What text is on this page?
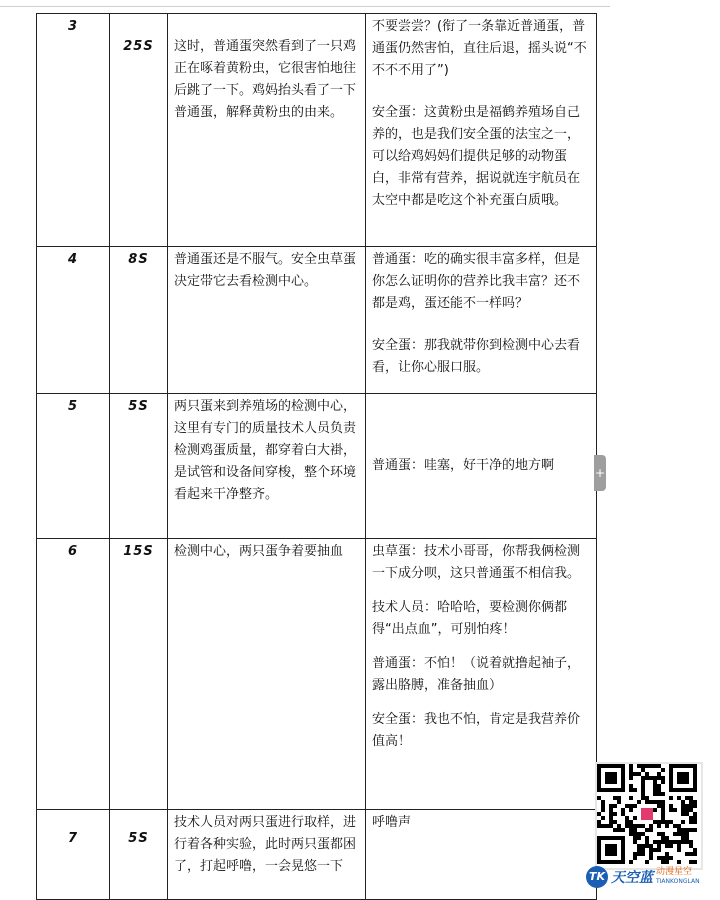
3	25S	这时，普通蛋突然看到了一只鸡正在啄着黄粉虫，它很害怕地往后跳了一下。鸡妈抬头看了一下普通蛋，解释黄粉虫的由来。	不要尝尝？(衔了一条靠近普通蛋，普通蛋仍然害怕，直往后退，摇头说“不不不不用了”)

安全蛋：这黄粉虫是福鹤养殖场自己养的，也是我们安全蛋的法宝之一，可以给鸡妈妈们提供足够的动物蛋白，非常有营养，据说就连宇航员在太空中都是吃这个补充蛋白质哦。

4	8S	普通蛋还是不服气。安全虫草蛋决定带它去看检测中心。	普通蛋：吃的确实很丰富多样，但是你怎么证明你的营养比我丰富？还不都是鸡，蛋还能不一样吗？

安全蛋：那我就带你到检测中心去看看，让你心服口服。

5	5S	两只蛋来到养殖场的检测中心，这里有专门的质量技术人员负责检测鸡蛋质量，都穿着白大褂，是试管和设备间穿梭，整个环境看起来干净整齐。	普通蛋：哇塞，好干净的地方啊

6	15S	检测中心，两只蛋争着要抽血	虫草蛋：技术小哥哥，你帮我俩检测一下成分呗，这只普通蛋不相信我。

技术人员：哈哈哈，要检测你俩都得“出点血”，可别怕疼！

普通蛋：不怕！（说着就撸起袖子，露出胳膊，准备抽血）

安全蛋：我也不怕，肯定是我营养价值高！

7	5S	技术人员对两只蛋进行取样，进行着各种实验，此时两只蛋都困了，打起呼噜，一会晃悠一下	呼噜声

+
TK 天空蓝 动漫星空
TIANKONGLAN
